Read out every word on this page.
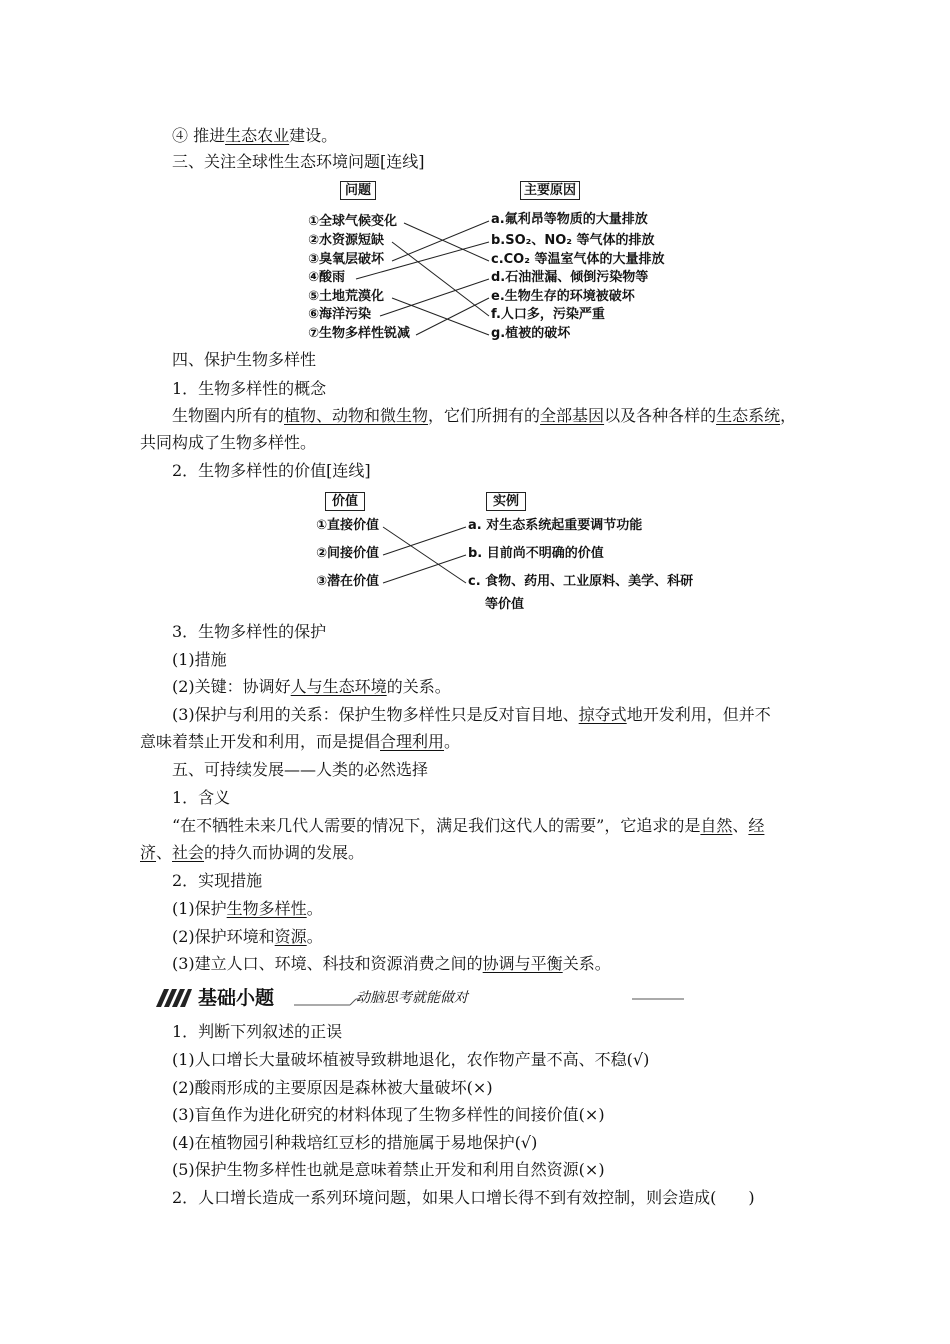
④ 推进生态农业建设。
三、关注全球性生态环境问题[连线]
问题	主要原因
①全球气候变化
②水资源短缺
③臭氧层破坏
④酸雨
⑤土地荒漠化
⑥海洋污染
⑦生物多样性锐减
a.氟利昂等物质的大量排放
b.SO₂、NO₂ 等气体的排放
c.CO₂ 等温室气体的大量排放
d.石油泄漏、倾倒污染物等
e.生物生存的环境被破坏
f.人口多，污染严重
g.植被的破坏
四、保护生物多样性
1．生物多样性的概念
生物圈内所有的植物、动物和微生物，它们所拥有的全部基因以及各种各样的生态系统，
共同构成了生物多样性。
2．生物多样性的价值[连线]
价值	实例
①直接价值
②间接价值
③潜在价值
a. 对生态系统起重要调节功能
b. 目前尚不明确的价值
c. 食物、药用、工业原料、美学、科研
等价值
3．生物多样性的保护
(1)措施
(2)关键：协调好人与生态环境的关系。
(3)保护与利用的关系：保护生物多样性只是反对盲目地、掠夺式地开发利用，但并不
意味着禁止开发和利用，而是提倡合理利用。
五、可持续发展——人类的必然选择
1．含义
“在不牺牲未来几代人需要的情况下，满足我们这代人的需要”，它追求的是自然、经
济、社会的持久而协调的发展。
2．实现措施
(1)保护生物多样性。
(2)保护环境和资源。
(3)建立人口、环境、科技和资源消费之间的协调与平衡关系。
基础小题	动脑思考就能做对
1．判断下列叙述的正误
(1)人口增长大量破坏植被导致耕地退化，农作物产量不高、不稳(√)
(2)酸雨形成的主要原因是森林被大量破坏(×)
(3)盲鱼作为进化研究的材料体现了生物多样性的间接价值(×)
(4)在植物园引种栽培红豆杉的措施属于易地保护(√)
(5)保护生物多样性也就是意味着禁止开发和利用自然资源(×)
2．人口增长造成一系列环境问题，如果人口增长得不到有效控制，则会造成(　　)
